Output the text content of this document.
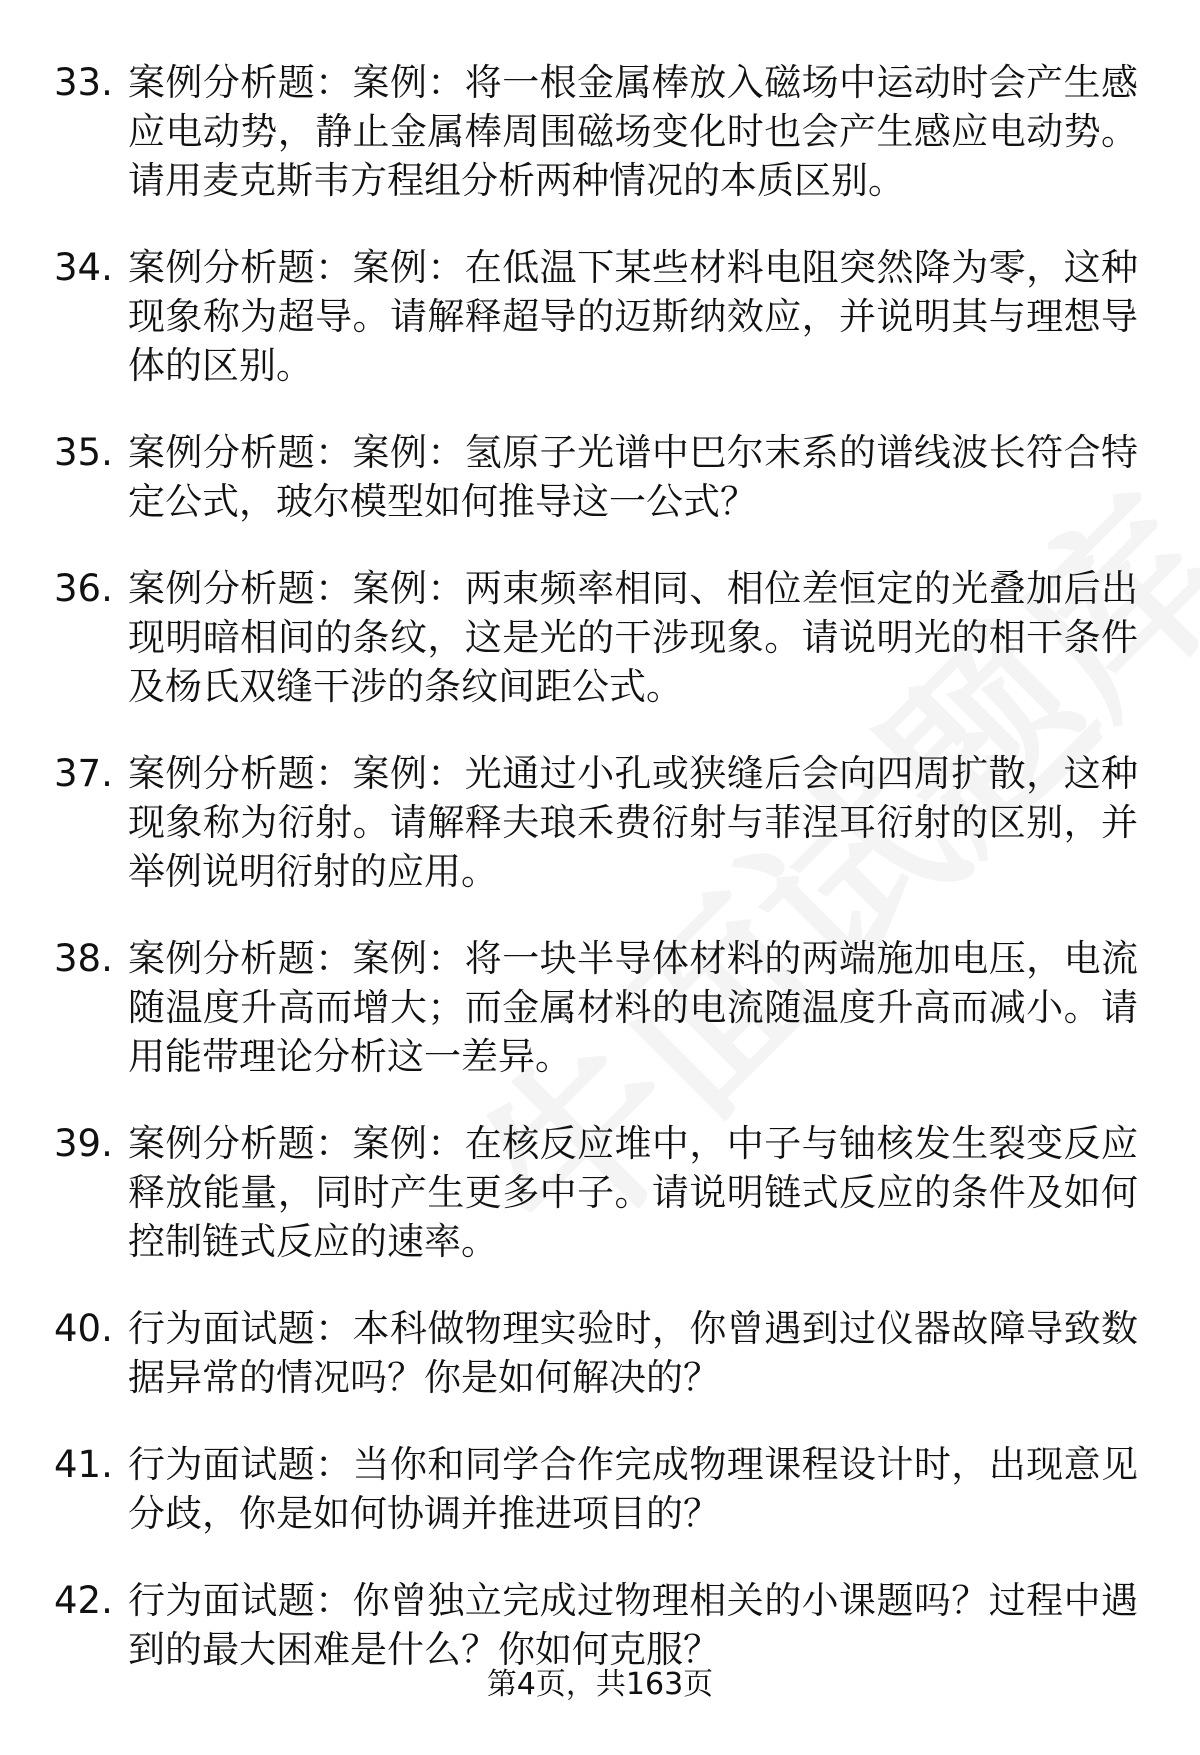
33. 案例分析题：案例：将一根金属棒放入磁场中运动时会产生感应电动势，静止金属棒周围磁场变化时也会产生感应电动势。请用麦克斯韦方程组分析两种情况的本质区别。
34. 案例分析题：案例：在低温下某些材料电阻突然降为零，这种现象称为超导。请解释超导的迈斯纳效应，并说明其与理想导体的区别。
35. 案例分析题：案例：氢原子光谱中巴尔末系的谱线波长符合特定公式，玻尔模型如何推导这一公式？
36. 案例分析题：案例：两束频率相同、相位差恒定的光叠加后出现明暗相间的条纹，这是光的干涉现象。请说明光的相干条件及杨氏双缝干涉的条纹间距公式。
37. 案例分析题：案例：光通过小孔或狭缝后会向四周扩散，这种现象称为衍射。请解释夫琅禾费衍射与菲涅耳衍射的区别，并举例说明衍射的应用。
38. 案例分析题：案例：将一块半导体材料的两端施加电压，电流随温度升高而增大；而金属材料的电流随温度升高而减小。请用能带理论分析这一差异。
39. 案例分析题：案例：在核反应堆中，中子与铀核发生裂变反应释放能量，同时产生更多中子。请说明链式反应的条件及如何控制链式反应的速率。
40. 行为面试题：本科做物理实验时，你曾遇到过仪器故障导致数据异常的情况吗？你是如何解决的？
41. 行为面试题：当你和同学合作完成物理课程设计时，出现意见分歧，你是如何协调并推进项目的？
42. 行为面试题：你曾独立完成过物理相关的小课题吗？过程中遇到的最大困难是什么？你如何克服？
第4页，共163页
